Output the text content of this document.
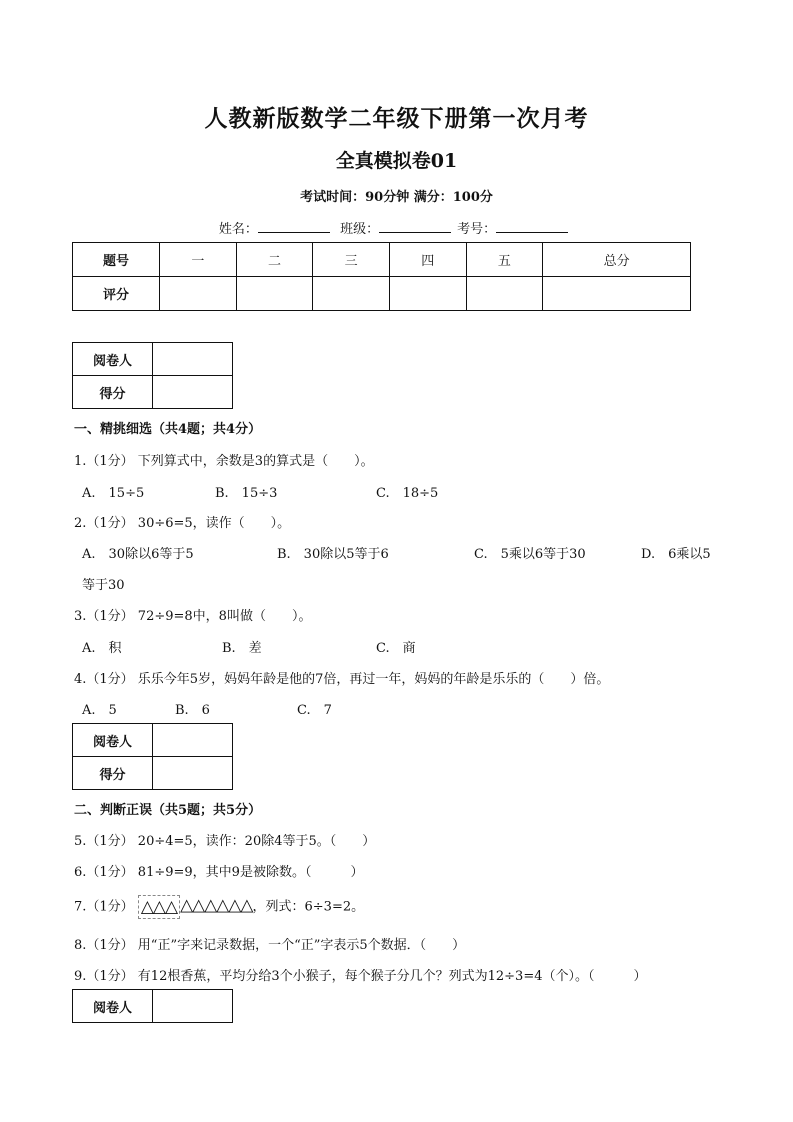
人教新版数学二年级下册第一次月考
全真模拟卷01
考试时间：90分钟 满分：100分
姓名：	班级：	考号：
题号	一	二	三	四	五	总分
评分						
阅卷人	
得分	
一、精挑细选（共4题；共4分）
1.（1分） 下列算式中，余数是3的算式是（　　）。
A.　15÷5	B.　15÷3	C.　18÷5
2.（1分） 30÷6=5，读作（　　）。
A.　30除以6等于5	B.　30除以5等于6	C.　5乘以6等于30	D.　6乘以5
等于30
3.（1分） 72÷9=8中，8叫做（　　）。
A.　积	B.　差	C.　商
4.（1分） 乐乐今年5岁，妈妈年龄是他的7倍，再过一年，妈妈的年龄是乐乐的（　　）倍。
A.　5	B.　6	C.　7
阅卷人	
得分	
二、判断正误（共5题；共5分）
5.（1分） 20÷4=5，读作：20除4等于5。（　　）
6.（1分） 81÷9=9，其中9是被除数。（　　　）
7.（1分） △△△ △△△△△△，列式：6÷3=2。
8.（1分） 用“正”字来记录数据，一个“正”字表示5个数据．（　　）
9.（1分） 有12根香蕉，平均分给3个小猴子，每个猴子分几个？列式为12÷3=4（个）。（　　　）
阅卷人	
